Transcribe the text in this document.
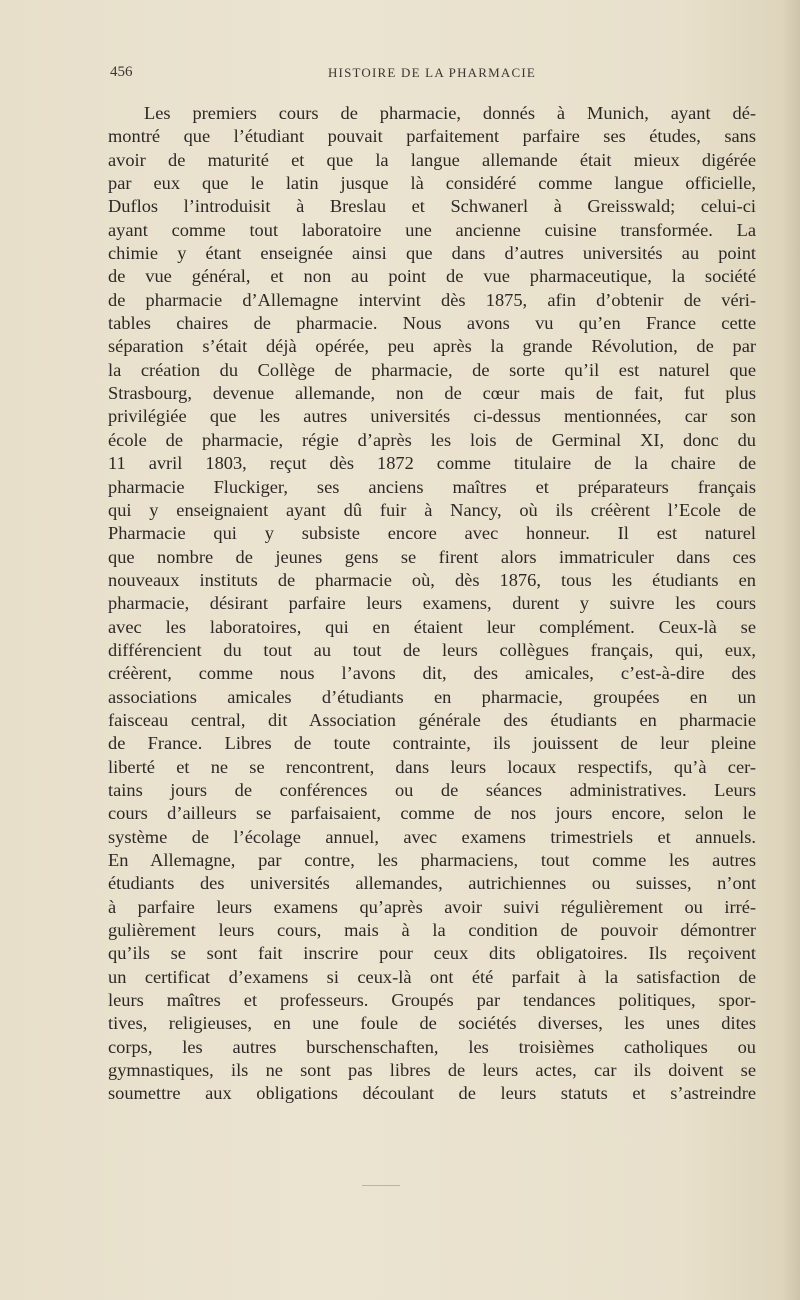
456	HISTOIRE DE LA PHARMACIE
Les premiers cours de pharmacie, donnés à Munich, ayant dé-
montré que l’étudiant pouvait parfaitement parfaire ses études, sans
avoir de maturité et que la langue allemande était mieux digérée
par eux que le latin jusque là considéré comme langue officielle,
Duflos l’introduisit à Breslau et Schwanerl à Greisswald; celui-ci
ayant comme tout laboratoire une ancienne cuisine transformée. La
chimie y étant enseignée ainsi que dans d’autres universités au point
de vue général, et non au point de vue pharmaceutique, la société
de pharmacie d’Allemagne intervint dès 1875, afin d’obtenir de véri-
tables chaires de pharmacie. Nous avons vu qu’en France cette
séparation s’était déjà opérée, peu après la grande Révolution, de par
la création du Collège de pharmacie, de sorte qu’il est naturel que
Strasbourg, devenue allemande, non de cœur mais de fait, fut plus
privilégiée que les autres universités ci-dessus mentionnées, car son
école de pharmacie, régie d’après les lois de Germinal XI, donc du
11 avril 1803, reçut dès 1872 comme titulaire de la chaire de
pharmacie Fluckiger, ses anciens maîtres et préparateurs français
qui y enseignaient ayant dû fuir à Nancy, où ils créèrent l’Ecole de
Pharmacie qui y subsiste encore avec honneur. Il est naturel
que nombre de jeunes gens se firent alors immatriculer dans ces
nouveaux instituts de pharmacie où, dès 1876, tous les étudiants en
pharmacie, désirant parfaire leurs examens, durent y suivre les cours
avec les laboratoires, qui en étaient leur complément. Ceux-là se
différencient du tout au tout de leurs collègues français, qui, eux,
créèrent, comme nous l’avons dit, des amicales, c’est-à-dire des
associations amicales d’étudiants en pharmacie, groupées en un
faisceau central, dit Association générale des étudiants en pharmacie
de France. Libres de toute contrainte, ils jouissent de leur pleine
liberté et ne se rencontrent, dans leurs locaux respectifs, qu’à cer-
tains jours de conférences ou de séances administratives. Leurs
cours d’ailleurs se parfaisaient, comme de nos jours encore, selon le
système de l’écolage annuel, avec examens trimestriels et annuels.
En Allemagne, par contre, les pharmaciens, tout comme les autres
étudiants des universités allemandes, autrichiennes ou suisses, n’ont
à parfaire leurs examens qu’après avoir suivi régulièrement ou irré-
gulièrement leurs cours, mais à la condition de pouvoir démontrer
qu’ils se sont fait inscrire pour ceux dits obligatoires. Ils reçoivent
un certificat d’examens si ceux-là ont été parfait à la satisfaction de
leurs maîtres et professeurs. Groupés par tendances politiques, spor-
tives, religieuses, en une foule de sociétés diverses, les unes dites
corps, les autres burschenschaften, les troisièmes catholiques ou
gymnastiques, ils ne sont pas libres de leurs actes, car ils doivent se
soumettre aux obligations découlant de leurs statuts et s’astreindre
